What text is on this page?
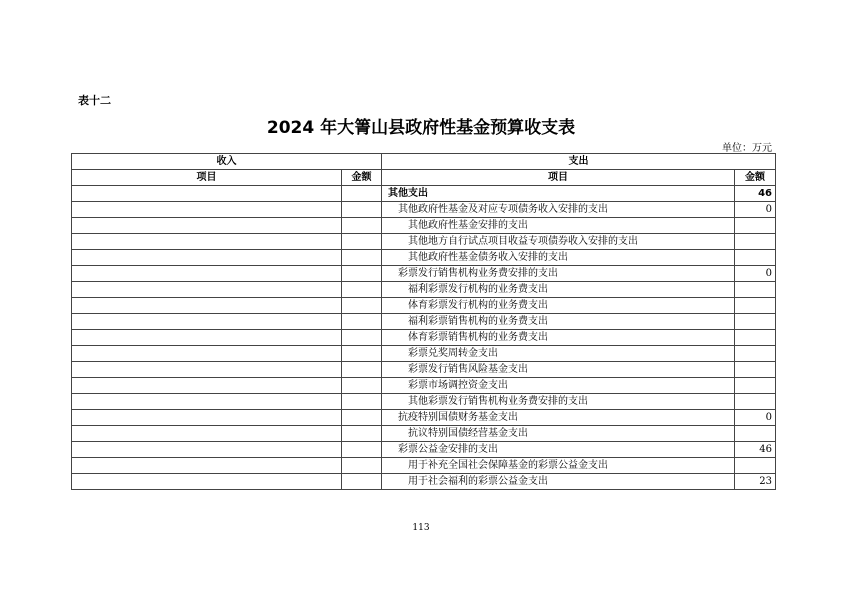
表十二
2024 年大箐山县政府性基金预算收支表
单位：万元
收入		支出	
项目	金额	项目	金额
		其他支出	46
		其他政府性基金及对应专项债务收入安排的支出	0
		其他政府性基金安排的支出	
		其他地方自行试点项目收益专项债券收入安排的支出	
		其他政府性基金债务收入安排的支出	
		彩票发行销售机构业务费安排的支出	0
		福利彩票发行机构的业务费支出	
		体育彩票发行机构的业务费支出	
		福利彩票销售机构的业务费支出	
		体育彩票销售机构的业务费支出	
		彩票兑奖周转金支出	
		彩票发行销售风险基金支出	
		彩票市场调控资金支出	
		其他彩票发行销售机构业务费安排的支出	
		抗疫特别国债财务基金支出	0
		抗议特别国债经营基金支出	
		彩票公益金安排的支出	46
		用于补充全国社会保障基金的彩票公益金支出	
		用于社会福利的彩票公益金支出	23
113
